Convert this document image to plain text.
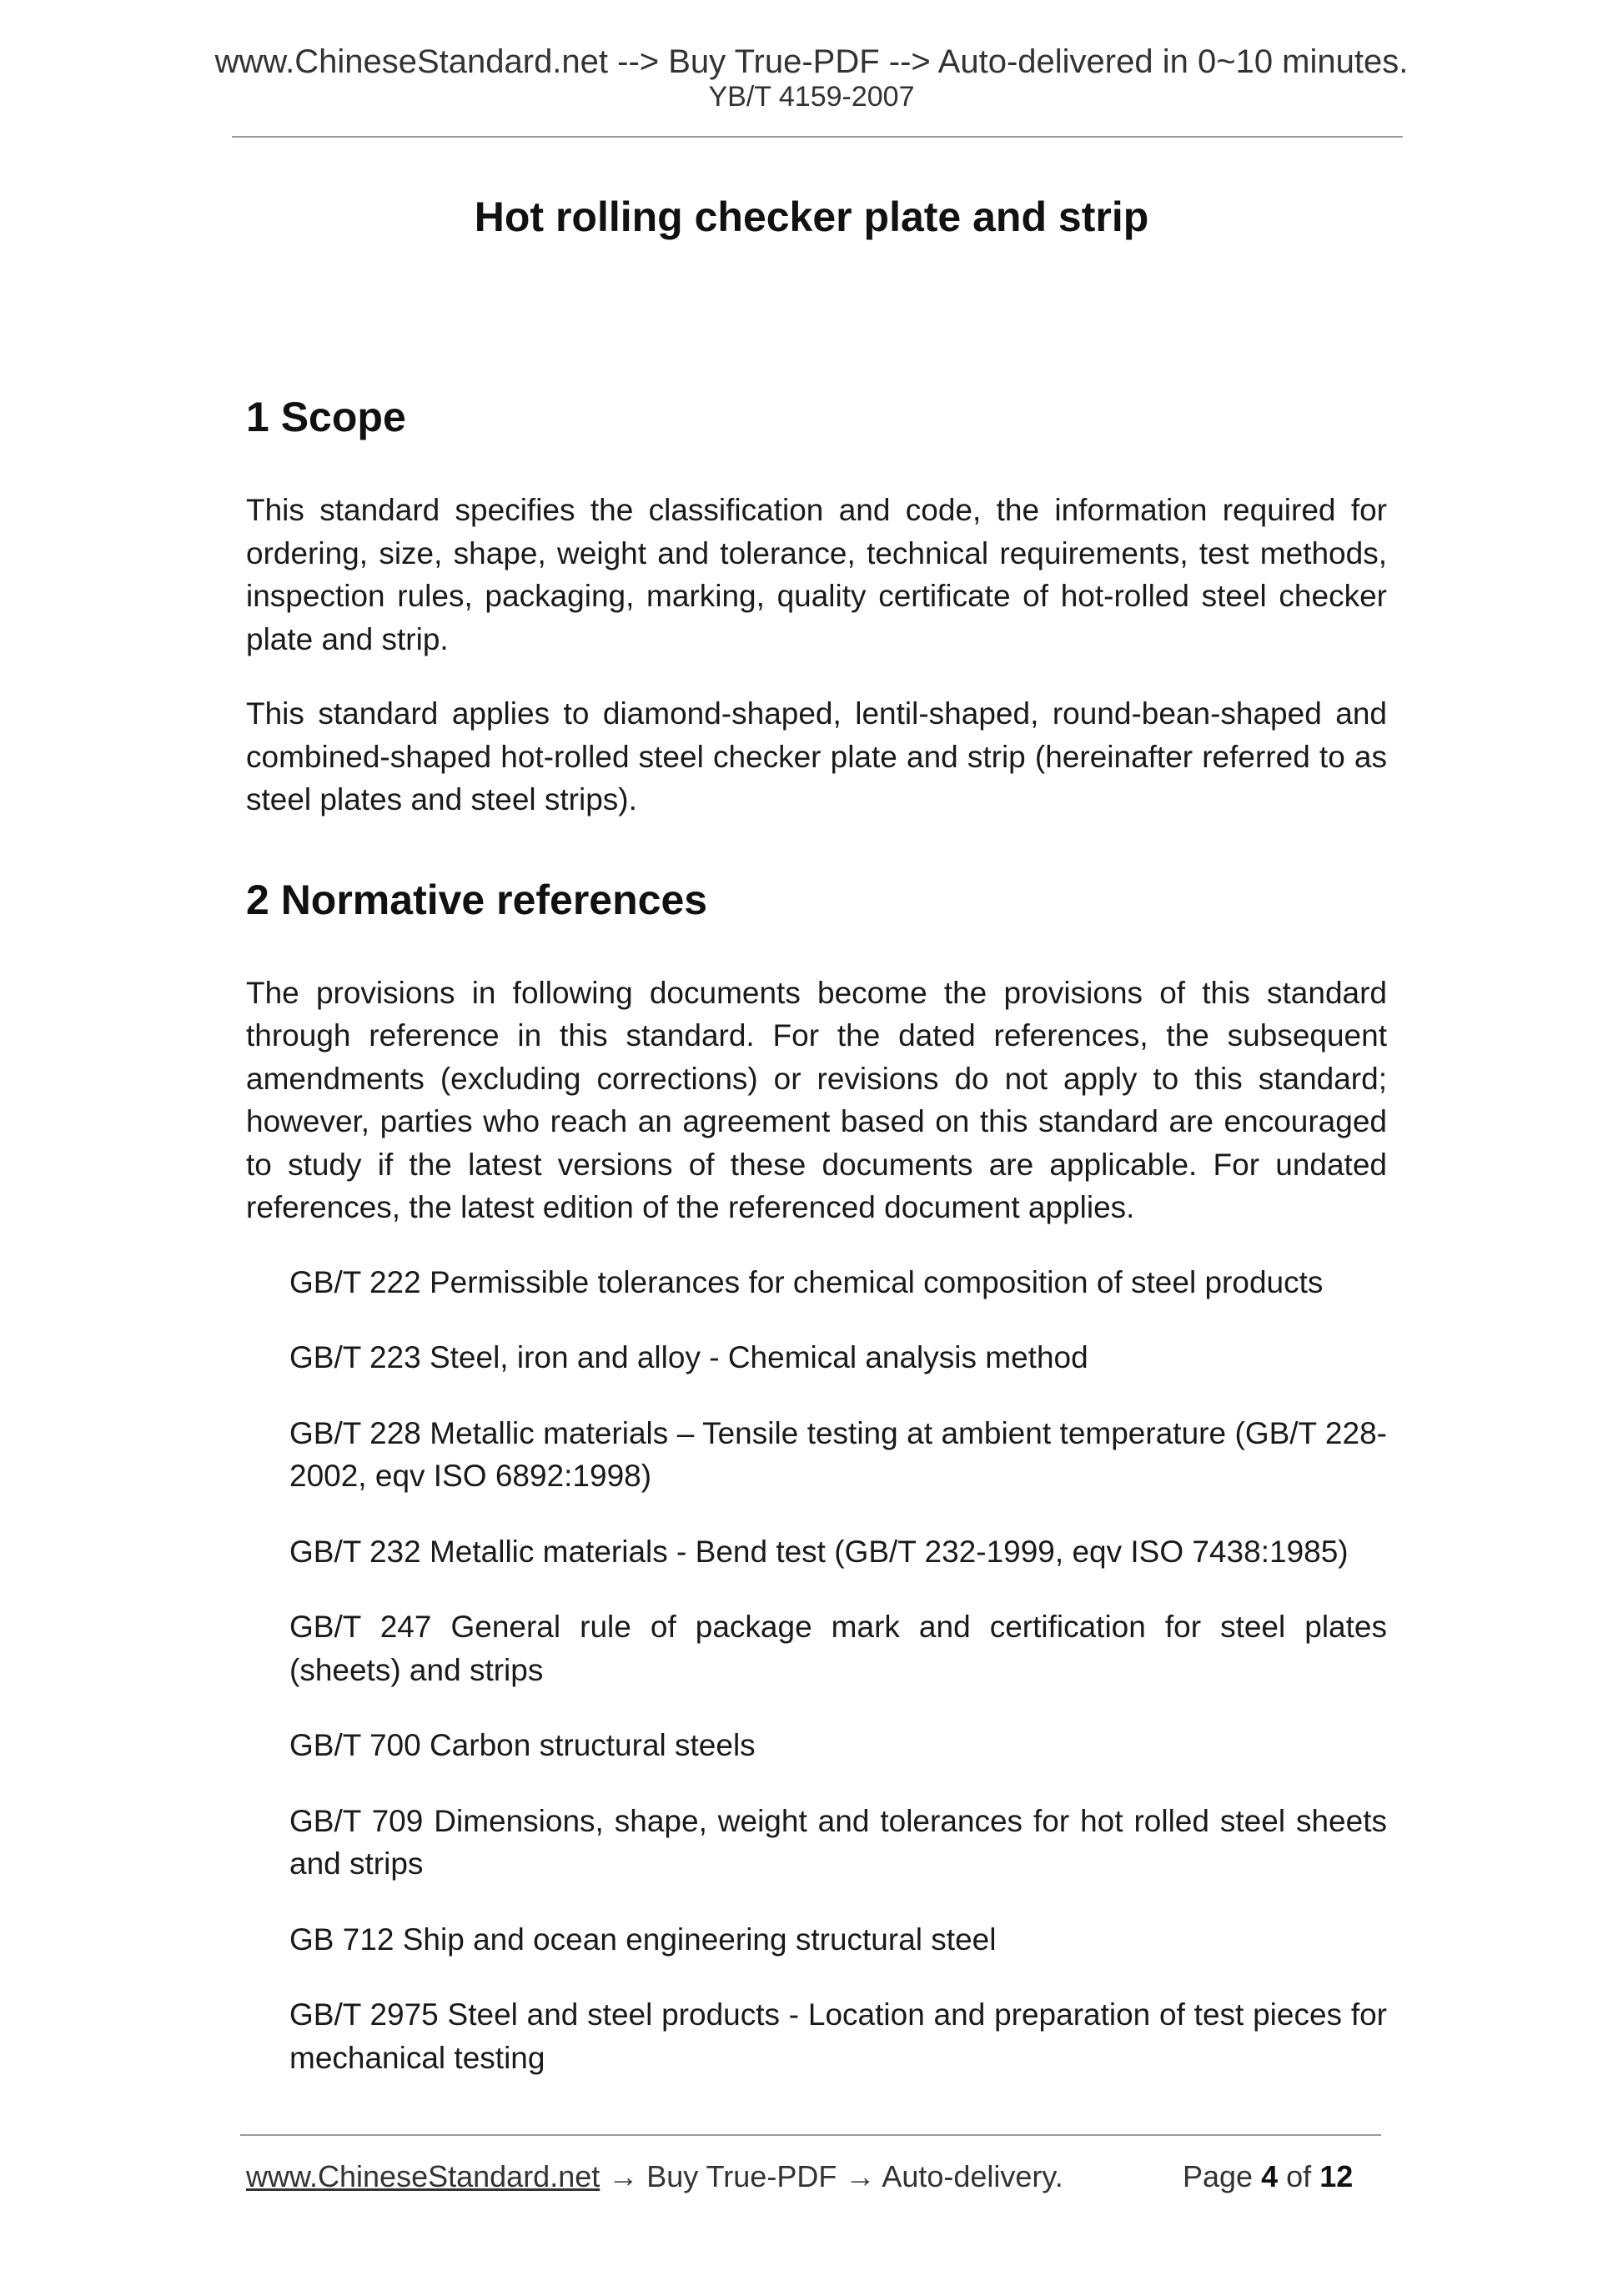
www.ChineseStandard.net --> Buy True-PDF --> Auto-delivered in 0~10 minutes.
YB/T 4159-2007
Hot rolling checker plate and strip
1 Scope

This standard specifies the classification and code, the information required for ordering, size, shape, weight and tolerance, technical requirements, test methods, inspection rules, packaging, marking, quality certificate of hot-rolled steel checker plate and strip.

This standard applies to diamond-shaped, lentil-shaped, round-bean-shaped and combined-shaped hot-rolled steel checker plate and strip (hereinafter referred to as steel plates and steel strips).

2 Normative references

The provisions in following documents become the provisions of this standard through reference in this standard. For the dated references, the subsequent amendments (excluding corrections) or revisions do not apply to this standard; however, parties who reach an agreement based on this standard are encouraged to study if the latest versions of these documents are applicable. For undated references, the latest edition of the referenced document applies.

GB/T 222 Permissible tolerances for chemical composition of steel products
GB/T 223 Steel, iron and alloy - Chemical analysis method
GB/T 228 Metallic materials – Tensile testing at ambient temperature (GB/T 228-2002, eqv ISO 6892:1998)
GB/T 232 Metallic materials - Bend test (GB/T 232-1999, eqv ISO 7438:1985)
GB/T 247 General rule of package mark and certification for steel plates (sheets) and strips
GB/T 700 Carbon structural steels
GB/T 709 Dimensions, shape, weight and tolerances for hot rolled steel sheets and strips
GB 712 Ship and ocean engineering structural steel
GB/T 2975 Steel and steel products - Location and preparation of test pieces for mechanical testing
www.ChineseStandard.net → Buy True-PDF → Auto-delivery.	Page 4 of 12
